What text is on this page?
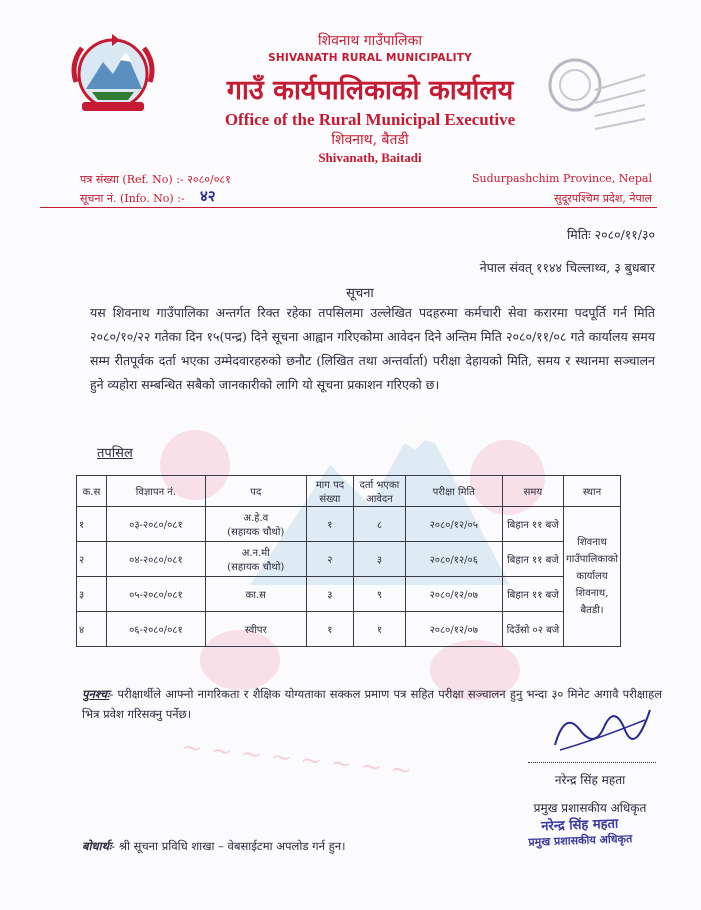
~ ~ ~ ~ ~ ~ ~ ~
शिवनाथ गाउँपालिका
SHIVANATH RURAL MUNICIPALITY
गाउँ कार्यपालिकाको कार्यालय
Office of the Rural Municipal Executive
शिवनाथ, बैतडी
Shivanath, Baitadi
पत्र संख्या (Ref. No) :- २०८०/०८१
सूचना नं. (Info. No) :-	४२
Sudurpashchim Province, Nepal
सुदूरपश्चिम प्रदेश, नेपाल
मितिः २०८०/११/३०
नेपाल संवत् ११४४ चिल्लाथ्व, ३ बुधबार
सूचना
यस शिवनाथ गाउँपालिका अन्तर्गत रिक्त रहेका तपसिलमा उल्लेखित पदहरुमा कर्मचारी सेवा करारमा पदपूर्ति गर्न मिति २०८०/१०/२२ गतेका दिन १५(पन्द्र) दिने सूचना आह्वान गरिएकोमा आवेदन दिने अन्तिम मिति २०८०/११/०८ गते कार्यालय समय सम्म रीतपूर्वक दर्ता भएका उम्मेदवारहरुको छनौट (लिखित तथा अन्तर्वार्ता) परीक्षा देहायको मिति, समय र स्थानमा सञ्चालन हुने व्यहोरा सम्बन्धित सबैको जानकारीको लागि यो सूचना प्रकाशन गरिएको छ।
तपसिल
क.स	विज्ञापन नं.	पद	माग पद संख्या	दर्ता भएका आवेदन	परीक्षा मिति	समय	स्थान
१	०३-२०८०/०८१	अ.हे.व
(सहायक चौथो)	१	८	२०८०/१२/०५	बिहान ११ बजे	शिवनाथ गाउँपालिकाको कार्यालय शिवनाथ, बैतडी।
२	०४-२०८०/०८१	अ.न.मी
(सहायक चौथो)	२	३	२०८०/१२/०६	बिहान ११ बजे	
३	०५-२०८०/०८१	का.स	३	९	२०८०/१२/०७	बिहान ११ बजे	
४	०६-२०८०/०८१	स्वीपर	१	१	२०८०/१२/०७	दिउँसो ०२ बजे	
पुनश्चः- परीक्षार्थीले आफ्नो नागरिकता र शैक्षिक योग्यताका सक्कल प्रमाण पत्र सहित परीक्षा सञ्चालन हुनु भन्दा ३० मिनेट अगावै परीक्षाहल भित्र प्रवेश गरिसक्नु पर्नेछ।
नरेन्द्र सिंह महता
प्रमुख प्रशासकीय अधिकृत
नरेन्द्र सिंह महता
प्रमुख प्रशासकीय अधिकृत
बोधार्थः- श्री सूचना प्रविधि शाखा – वेबसाईटमा अपलोड गर्न हुन।
